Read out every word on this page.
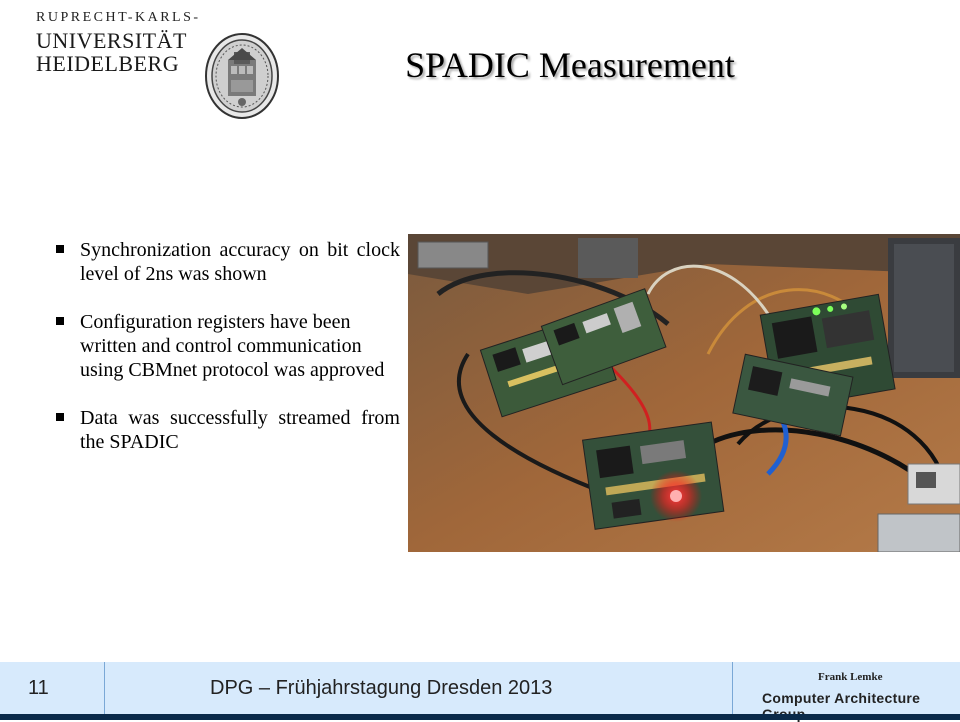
RUPRECHT-KARLS-
UNIVERSITÄT
HEIDELBERG	SPADIC Measurement
Synchronization accuracy on bit clock level of 2ns was shown
Configuration registers have been written and control communication using CBMnet protocol was approved
Data was successfully streamed from the SPADIC
11	DPG – Frühjahrstagung Dresden 2013	Frank Lemke
Computer Architecture
